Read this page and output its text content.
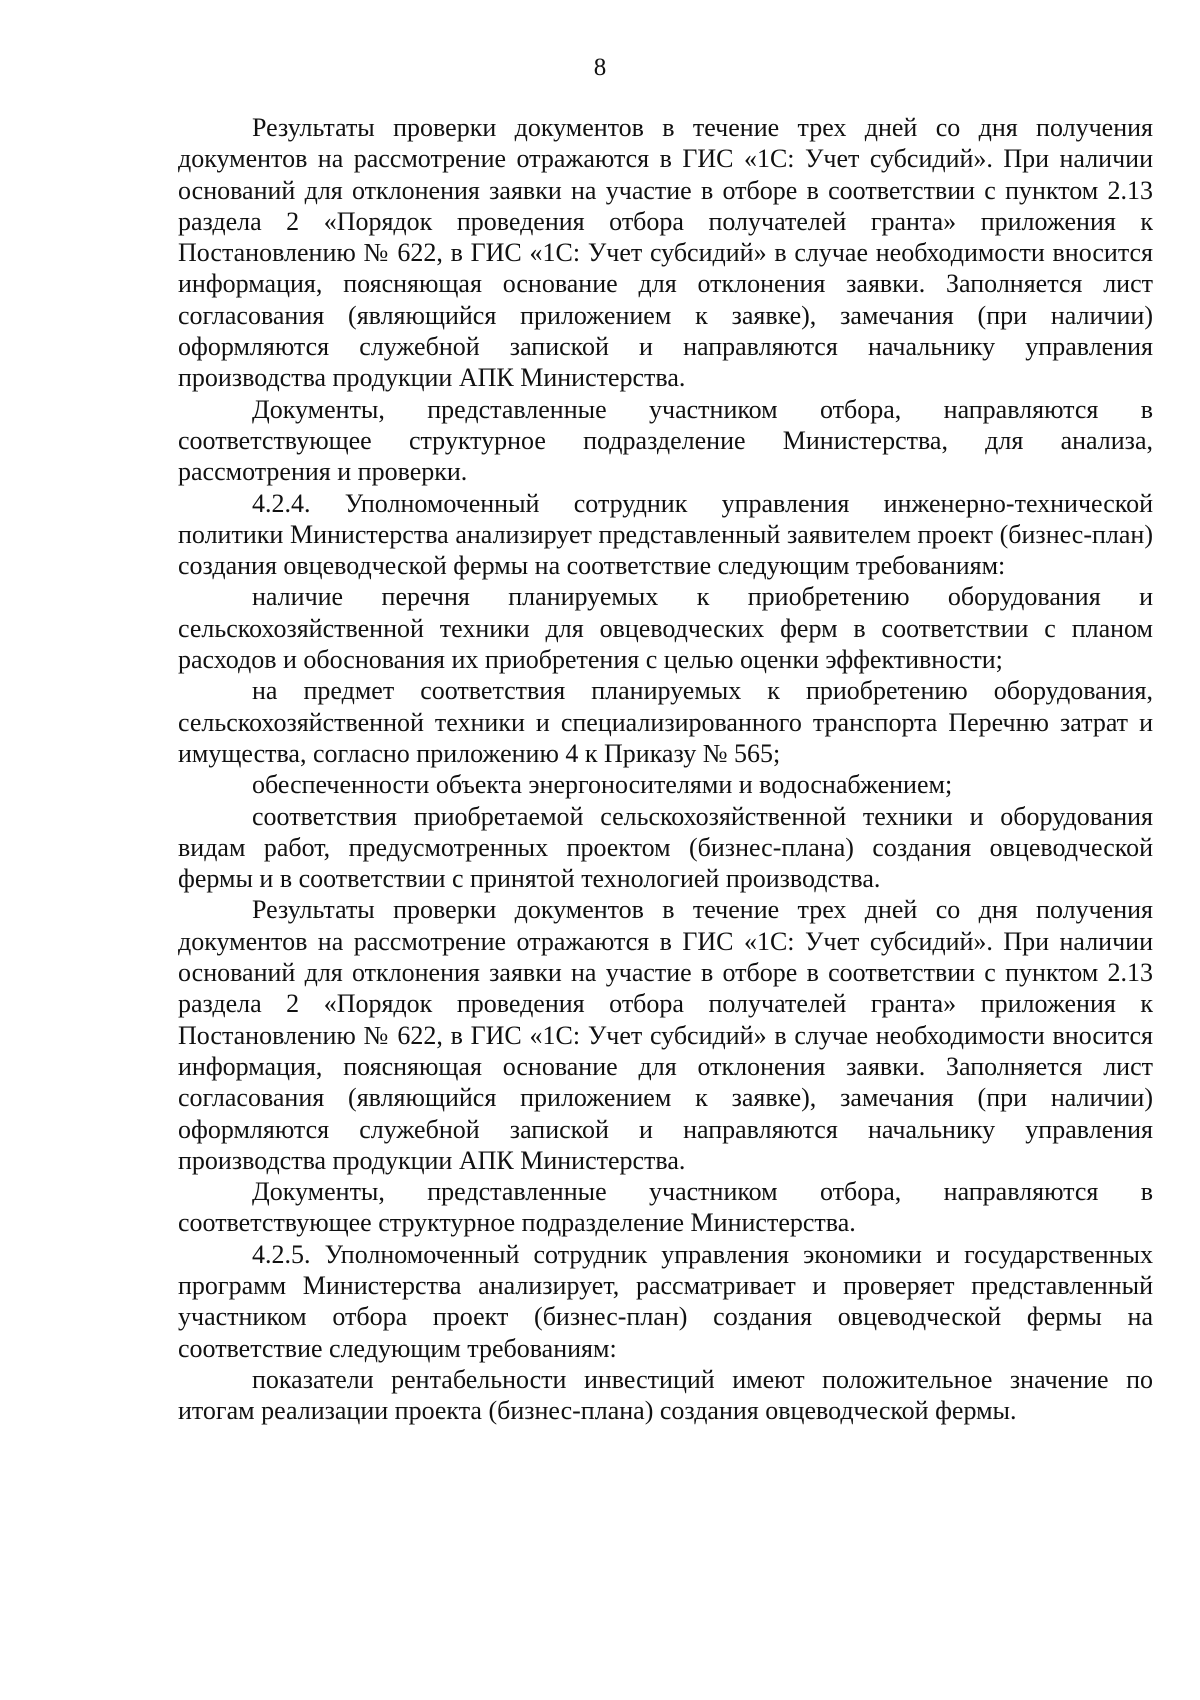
8

Результаты проверки документов в течение трех дней со дня получения документов на рассмотрение отражаются в ГИС «1С: Учет субсидий». При наличии оснований для отклонения заявки на участие в отборе в соответствии с пунктом 2.13 раздела 2 «Порядок проведения отбора получателей гранта» приложения к Постановлению № 622, в ГИС «1С: Учет субсидий» в случае необходимости вносится информация, поясняющая основание для отклонения заявки. Заполняется лист согласования (являющийся приложением к заявке), замечания (при наличии) оформляются служебной запиской и направляются начальнику управления производства продукции АПК Министерства.

Документы, представленные участником отбора, направляются в соответствующее структурное подразделение Министерства, для анализа, рассмотрения и проверки.

4.2.4. Уполномоченный сотрудник управления инженерно-технической политики Министерства анализирует представленный заявителем проект (бизнес-план) создания овцеводческой фермы на соответствие следующим требованиям:

наличие перечня планируемых к приобретению оборудования и сельскохозяйственной техники для овцеводческих ферм в соответствии с планом расходов и обоснования их приобретения с целью оценки эффективности;

на предмет соответствия планируемых к приобретению оборудования, сельскохозяйственной техники и специализированного транспорта Перечню затрат и имущества, согласно приложению 4 к Приказу № 565;

обеспеченности объекта энергоносителями и водоснабжением;

соответствия приобретаемой сельскохозяйственной техники и оборудования видам работ, предусмотренных проектом (бизнес-плана) создания овцеводческой фермы и в соответствии с принятой технологией производства.

Результаты проверки документов в течение трех дней со дня получения документов на рассмотрение отражаются в ГИС «1С: Учет субсидий». При наличии оснований для отклонения заявки на участие в отборе в соответствии с пунктом 2.13 раздела 2 «Порядок проведения отбора получателей гранта» приложения к Постановлению № 622, в ГИС «1С: Учет субсидий» в случае необходимости вносится информация, поясняющая основание для отклонения заявки. Заполняется лист согласования (являющийся приложением к заявке), замечания (при наличии) оформляются служебной запиской и направляются начальнику управления производства продукции АПК Министерства.

Документы, представленные участником отбора, направляются в соответствующее структурное подразделение Министерства.

4.2.5. Уполномоченный сотрудник управления экономики и государственных программ Министерства анализирует, рассматривает и проверяет представленный участником отбора проект (бизнес-план) создания овцеводческой фермы на соответствие следующим требованиям:

показатели рентабельности инвестиций имеют положительное значение по итогам реализации проекта (бизнес-плана) создания овцеводческой фермы.
